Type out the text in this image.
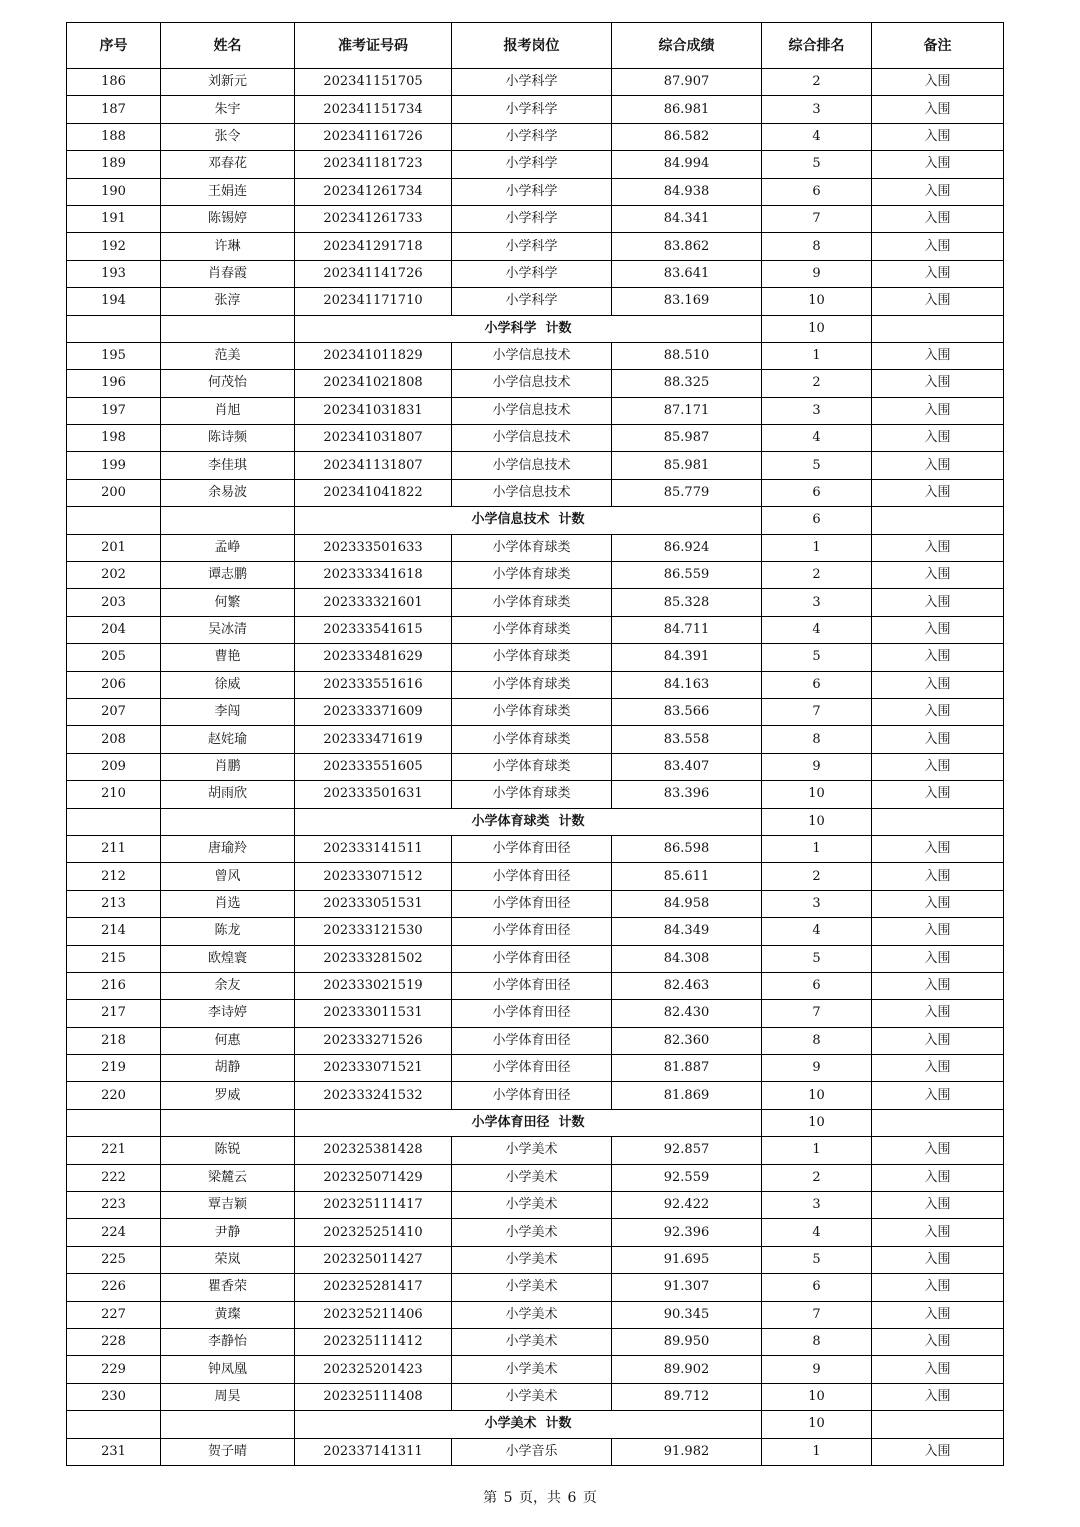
序号	姓名	准考证号码	报考岗位	综合成绩	综合排名	备注
186	刘新元	202341151705	小学科学	87.907	2	入围
187	朱宇	202341151734	小学科学	86.981	3	入围
188	张令	202341161726	小学科学	86.582	4	入围
189	邓春花	202341181723	小学科学	84.994	5	入围
190	王娟连	202341261734	小学科学	84.938	6	入围
191	陈锡婷	202341261733	小学科学	84.341	7	入围
192	许琳	202341291718	小学科学	83.862	8	入围
193	肖春霞	202341141726	小学科学	83.641	9	入围
194	张淳	202341171710	小学科学	83.169	10	入围
		小学科学  计数			10	
195	范美	202341011829	小学信息技术	88.510	1	入围
196	何茂怡	202341021808	小学信息技术	88.325	2	入围
197	肖旭	202341031831	小学信息技术	87.171	3	入围
198	陈诗频	202341031807	小学信息技术	85.987	4	入围
199	李佳琪	202341131807	小学信息技术	85.981	5	入围
200	余易波	202341041822	小学信息技术	85.779	6	入围
		小学信息技术  计数			6	
201	孟峥	202333501633	小学体育球类	86.924	1	入围
202	谭志鹏	202333341618	小学体育球类	86.559	2	入围
203	何繁	202333321601	小学体育球类	85.328	3	入围
204	吴冰清	202333541615	小学体育球类	84.711	4	入围
205	曹艳	202333481629	小学体育球类	84.391	5	入围
206	徐威	202333551616	小学体育球类	84.163	6	入围
207	李闯	202333371609	小学体育球类	83.566	7	入围
208	赵姹瑜	202333471619	小学体育球类	83.558	8	入围
209	肖鹏	202333551605	小学体育球类	83.407	9	入围
210	胡雨欣	202333501631	小学体育球类	83.396	10	入围
		小学体育球类  计数			10	
211	唐瑜羚	202333141511	小学体育田径	86.598	1	入围
212	曾风	202333071512	小学体育田径	85.611	2	入围
213	肖选	202333051531	小学体育田径	84.958	3	入围
214	陈龙	202333121530	小学体育田径	84.349	4	入围
215	欧煌寰	202333281502	小学体育田径	84.308	5	入围
216	余友	202333021519	小学体育田径	82.463	6	入围
217	李诗婷	202333011531	小学体育田径	82.430	7	入围
218	何惠	202333271526	小学体育田径	82.360	8	入围
219	胡静	202333071521	小学体育田径	81.887	9	入围
220	罗威	202333241532	小学体育田径	81.869	10	入围
		小学体育田径  计数			10	
221	陈锐	202325381428	小学美术	92.857	1	入围
222	梁麓云	202325071429	小学美术	92.559	2	入围
223	覃吉颖	202325111417	小学美术	92.422	3	入围
224	尹静	202325251410	小学美术	92.396	4	入围
225	荣岚	202325011427	小学美术	91.695	5	入围
226	瞿香荣	202325281417	小学美术	91.307	6	入围
227	黄璨	202325211406	小学美术	90.345	7	入围
228	李静怡	202325111412	小学美术	89.950	8	入围
229	钟凤凰	202325201423	小学美术	89.902	9	入围
230	周昊	202325111408	小学美术	89.712	10	入围
		小学美术  计数			10	
231	贺子晴	202337141311	小学音乐	91.982	1	入围
第 5 页，共 6 页
